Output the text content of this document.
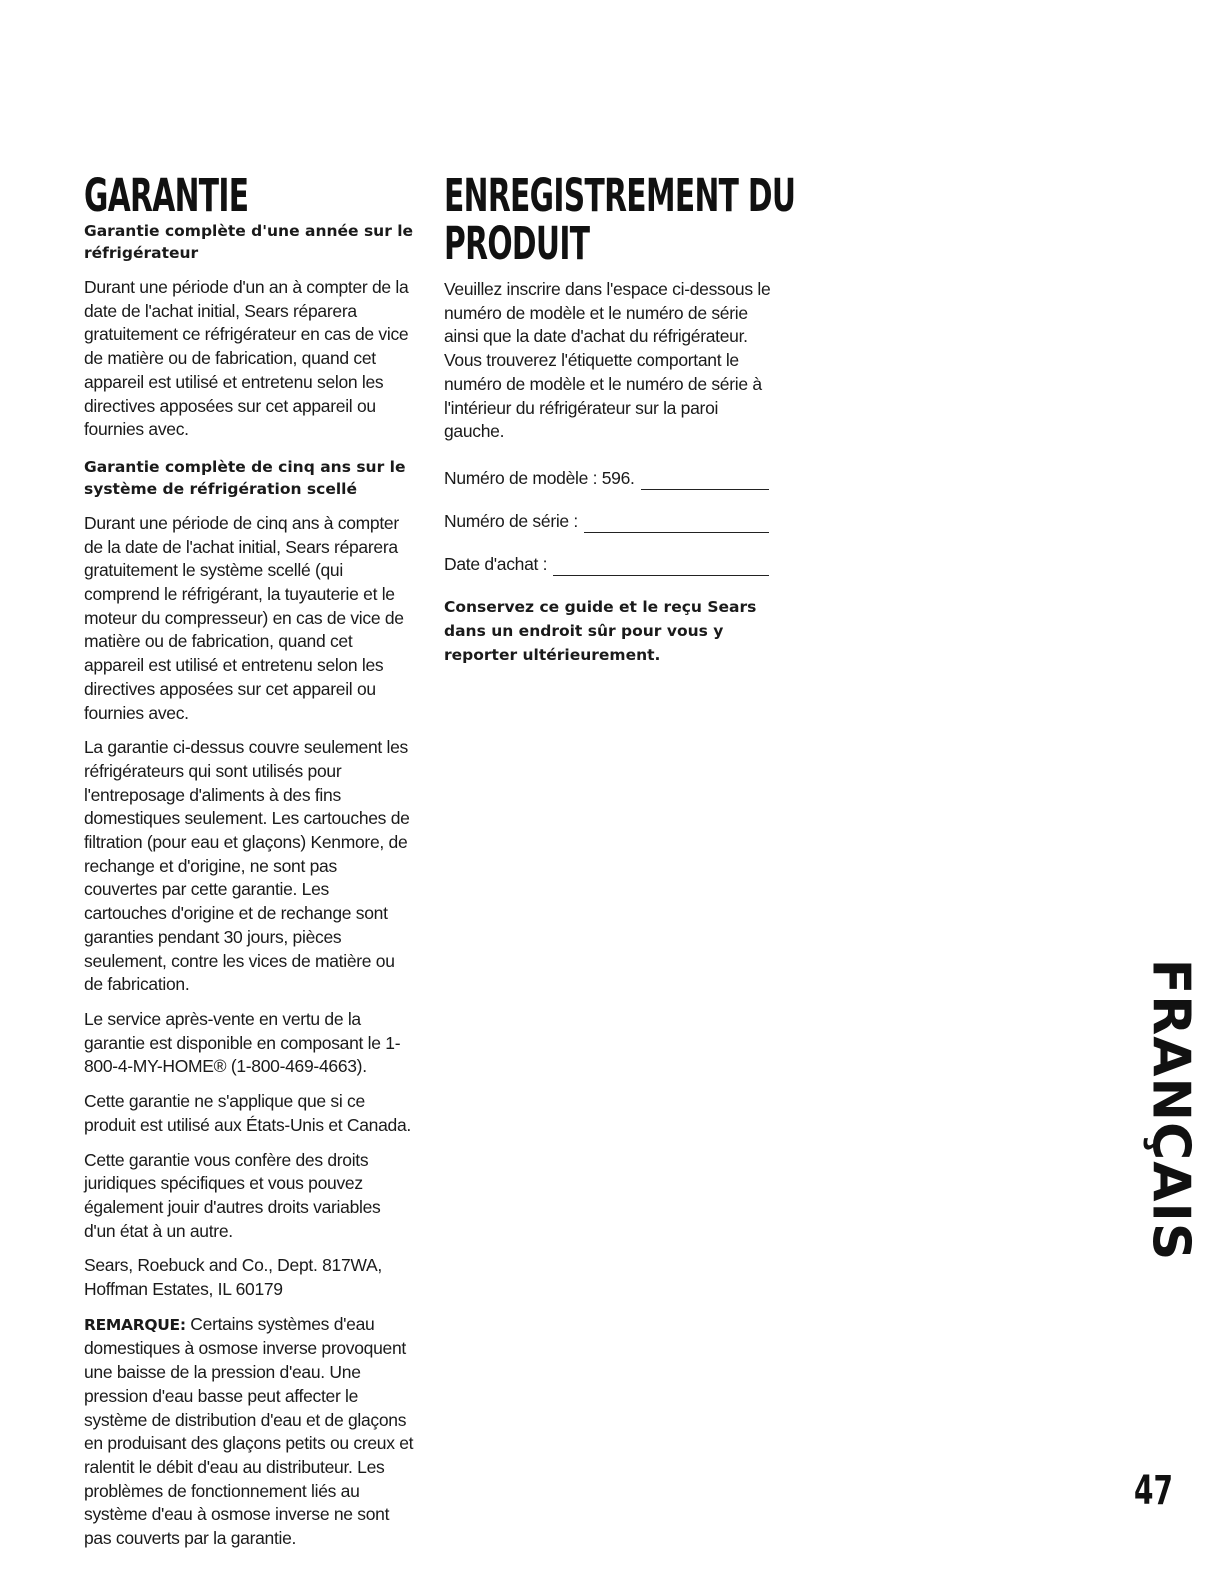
GARANTIE
Garantie complète d'une année sur le réfrigérateur

Durant une période d'un an à compter de la date de l'achat initial, Sears réparera gratuitement ce réfrigérateur en cas de vice de matière ou de fabrication, quand cet appareil est utilisé et entretenu selon les directives apposées sur cet appareil ou fournies avec.

Garantie complète de cinq ans sur le système de réfrigération scellé

Durant une période de cinq ans à compter de la date de l'achat initial, Sears réparera gratuitement le système scellé (qui comprend le réfrigérant, la tuyauterie et le moteur du compresseur) en cas de vice de matière ou de fabrication, quand cet appareil est utilisé et entretenu selon les directives apposées sur cet appareil ou fournies avec.

La garantie ci-dessus couvre seulement les réfrigérateurs qui sont utilisés pour l'entreposage d'aliments à des fins domestiques seulement. Les cartouches de filtration (pour eau et glaçons) Kenmore, de rechange et d'origine, ne sont pas couvertes par cette garantie. Les cartouches d'origine et de rechange sont garanties pendant 30 jours, pièces seulement, contre les vices de matière ou de fabrication.

Le service après-vente en vertu de la garantie est disponible en composant le 1-800-4-MY-HOME® (1-800-469-4663).

Cette garantie ne s'applique que si ce produit est utilisé aux États-Unis et Canada.

Cette garantie vous confère des droits juridiques spécifiques et vous pouvez également jouir d'autres droits variables d'un état à un autre.

Sears, Roebuck and Co., Dept. 817WA, Hoffman Estates, IL 60179

REMARQUE: Certains systèmes d'eau domestiques à osmose inverse provoquent une baisse de la pression d'eau. Une pression d'eau basse peut affecter le système de distribution d'eau et de glaçons en produisant des glaçons petits ou creux et ralentit le débit d'eau au distributeur. Les problèmes de fonctionnement liés au système d'eau à osmose inverse ne sont pas couverts par la garantie.

ENREGISTREMENT DU
PRODUIT

Veuillez inscrire dans l'espace ci-dessous le numéro de modèle et le numéro de série ainsi que la date d'achat du réfrigérateur. Vous trouverez l'étiquette comportant le numéro de modèle et le numéro de série à l'intérieur du réfrigérateur sur la paroi gauche.

Numéro de modèle : 596.
Numéro de série :
Date d'achat :
Conservez ce guide et le reçu Sears dans un endroit sûr pour vous y reporter ultérieurement.
FRANÇAIS
47
